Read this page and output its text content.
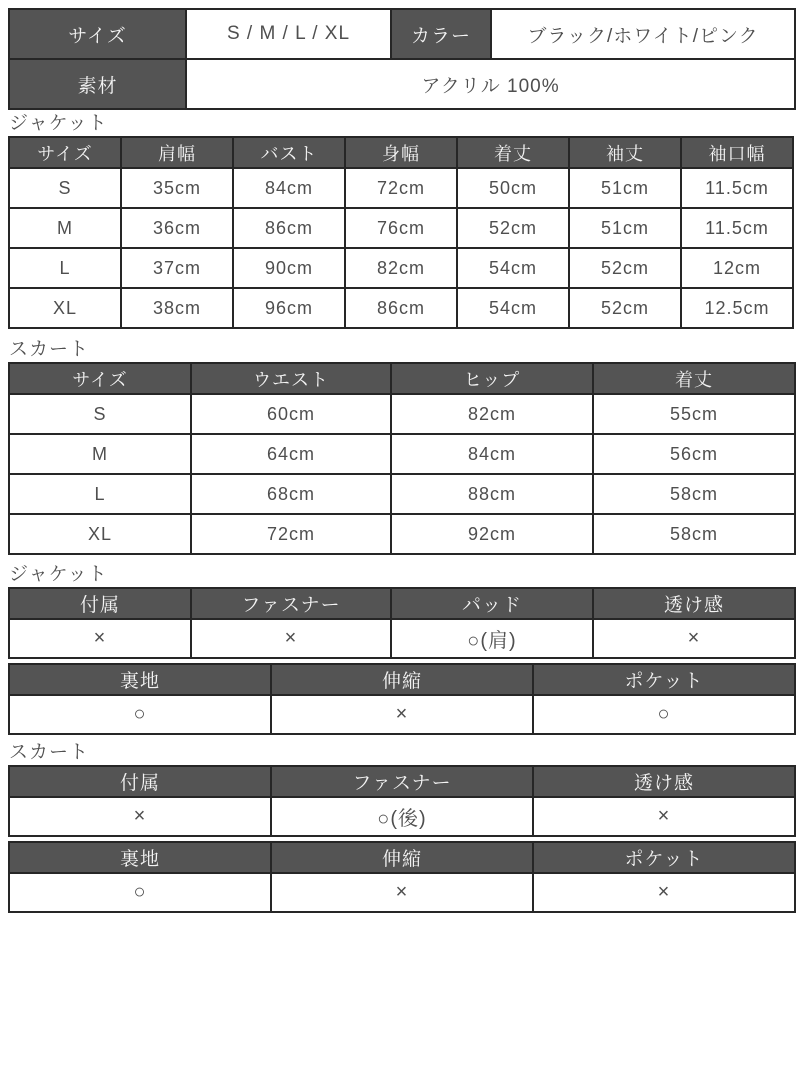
サイズ	S / M / L / XL	カラー	ブラック/ホワイト/ピンク
素材	アクリル 100%		
ジャケット
サイズ	肩幅	バスト	身幅	着丈	袖丈	袖口幅
S	35cm	84cm	72cm	50cm	51cm	11.5cm
M	36cm	86cm	76cm	52cm	51cm	11.5cm
L	37cm	90cm	82cm	54cm	52cm	12cm
XL	38cm	96cm	86cm	54cm	52cm	12.5cm
スカート
サイズ	ウエスト	ヒップ	着丈
S	60cm	82cm	55cm
M	64cm	84cm	56cm
L	68cm	88cm	58cm
XL	72cm	92cm	58cm
ジャケット
付属	ファスナー	パッド	透け感
×	×	○(肩)	×
裏地	伸縮	ポケット
○	×	○
スカート
付属	ファスナー	透け感
×	○(後)	×
裏地	伸縮	ポケット
○	×	×
